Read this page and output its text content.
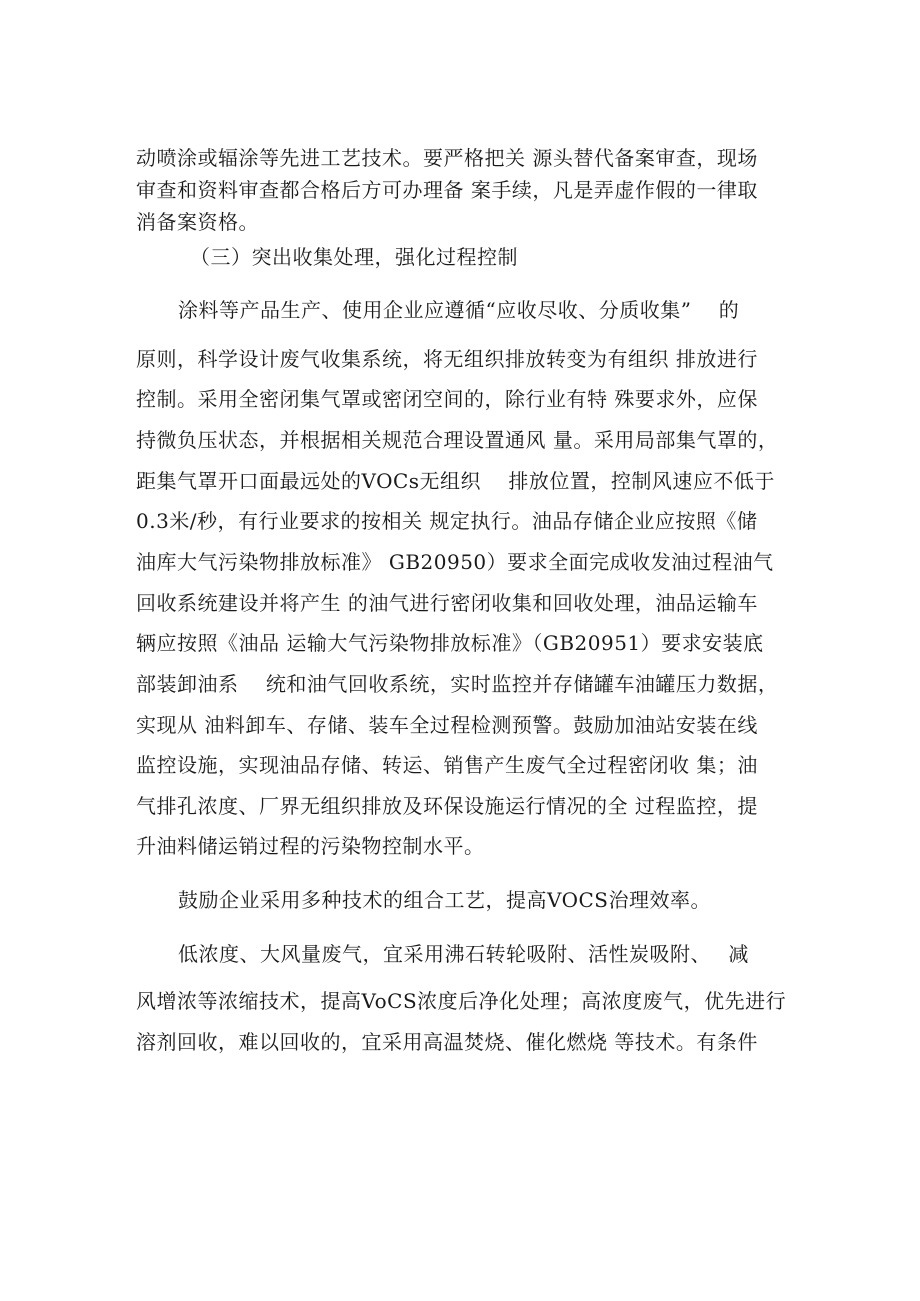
动喷涂或辐涂等先进工艺技术。要严格把关 源头替代备案审查，现场
审查和资料审查都合格后方可办理备 案手续，凡是弄虚作假的一律取
消备案资格。
（三）突出收集处理，强化过程控制
涂料等产品生产、使用企业应遵循“应收尽收、分质收集”　 的
原则，科学设计废气收集系统，将无组织排放转变为有组织 排放进行
控制。采用全密闭集气罩或密闭空间的，除行业有特 殊要求外，应保
持微负压状态，并根据相关规范合理设置通风 量。采用局部集气罩的，
距集气罩开口面最远处的VOCs无组织　 排放位置，控制风速应不低于
0.3米/秒，有行业要求的按相关 规定执行。油品存储企业应按照《储
油库大气污染物排放标准》 GB20950）要求全面完成收发油过程油气
回收系统建设并将产生 的油气进行密闭收集和回收处理，油品运输车
辆应按照《油品 运输大气污染物排放标准》（GB20951）要求安装底
部装卸油系　 统和油气回收系统，实时监控并存储罐车油罐压力数据，
实现从 油料卸车、存储、装车全过程检测预警。鼓励加油站安装在线
监控设施，实现油品存储、转运、销售产生废气全过程密闭收 集；油
气排孔浓度、厂界无组织排放及环保设施运行情况的全 过程监控，提
升油料储运销过程的污染物控制水平。
鼓励企业采用多种技术的组合工艺，提高VOCS治理效率。
低浓度、大风量废气，宜采用沸石转轮吸附、活性炭吸附、　 减
风增浓等浓缩技术，提高VoCS浓度后净化处理；高浓度废气，优先进行
溶剂回收，难以回收的，宜采用高温焚烧、催化燃烧 等技术。有条件
